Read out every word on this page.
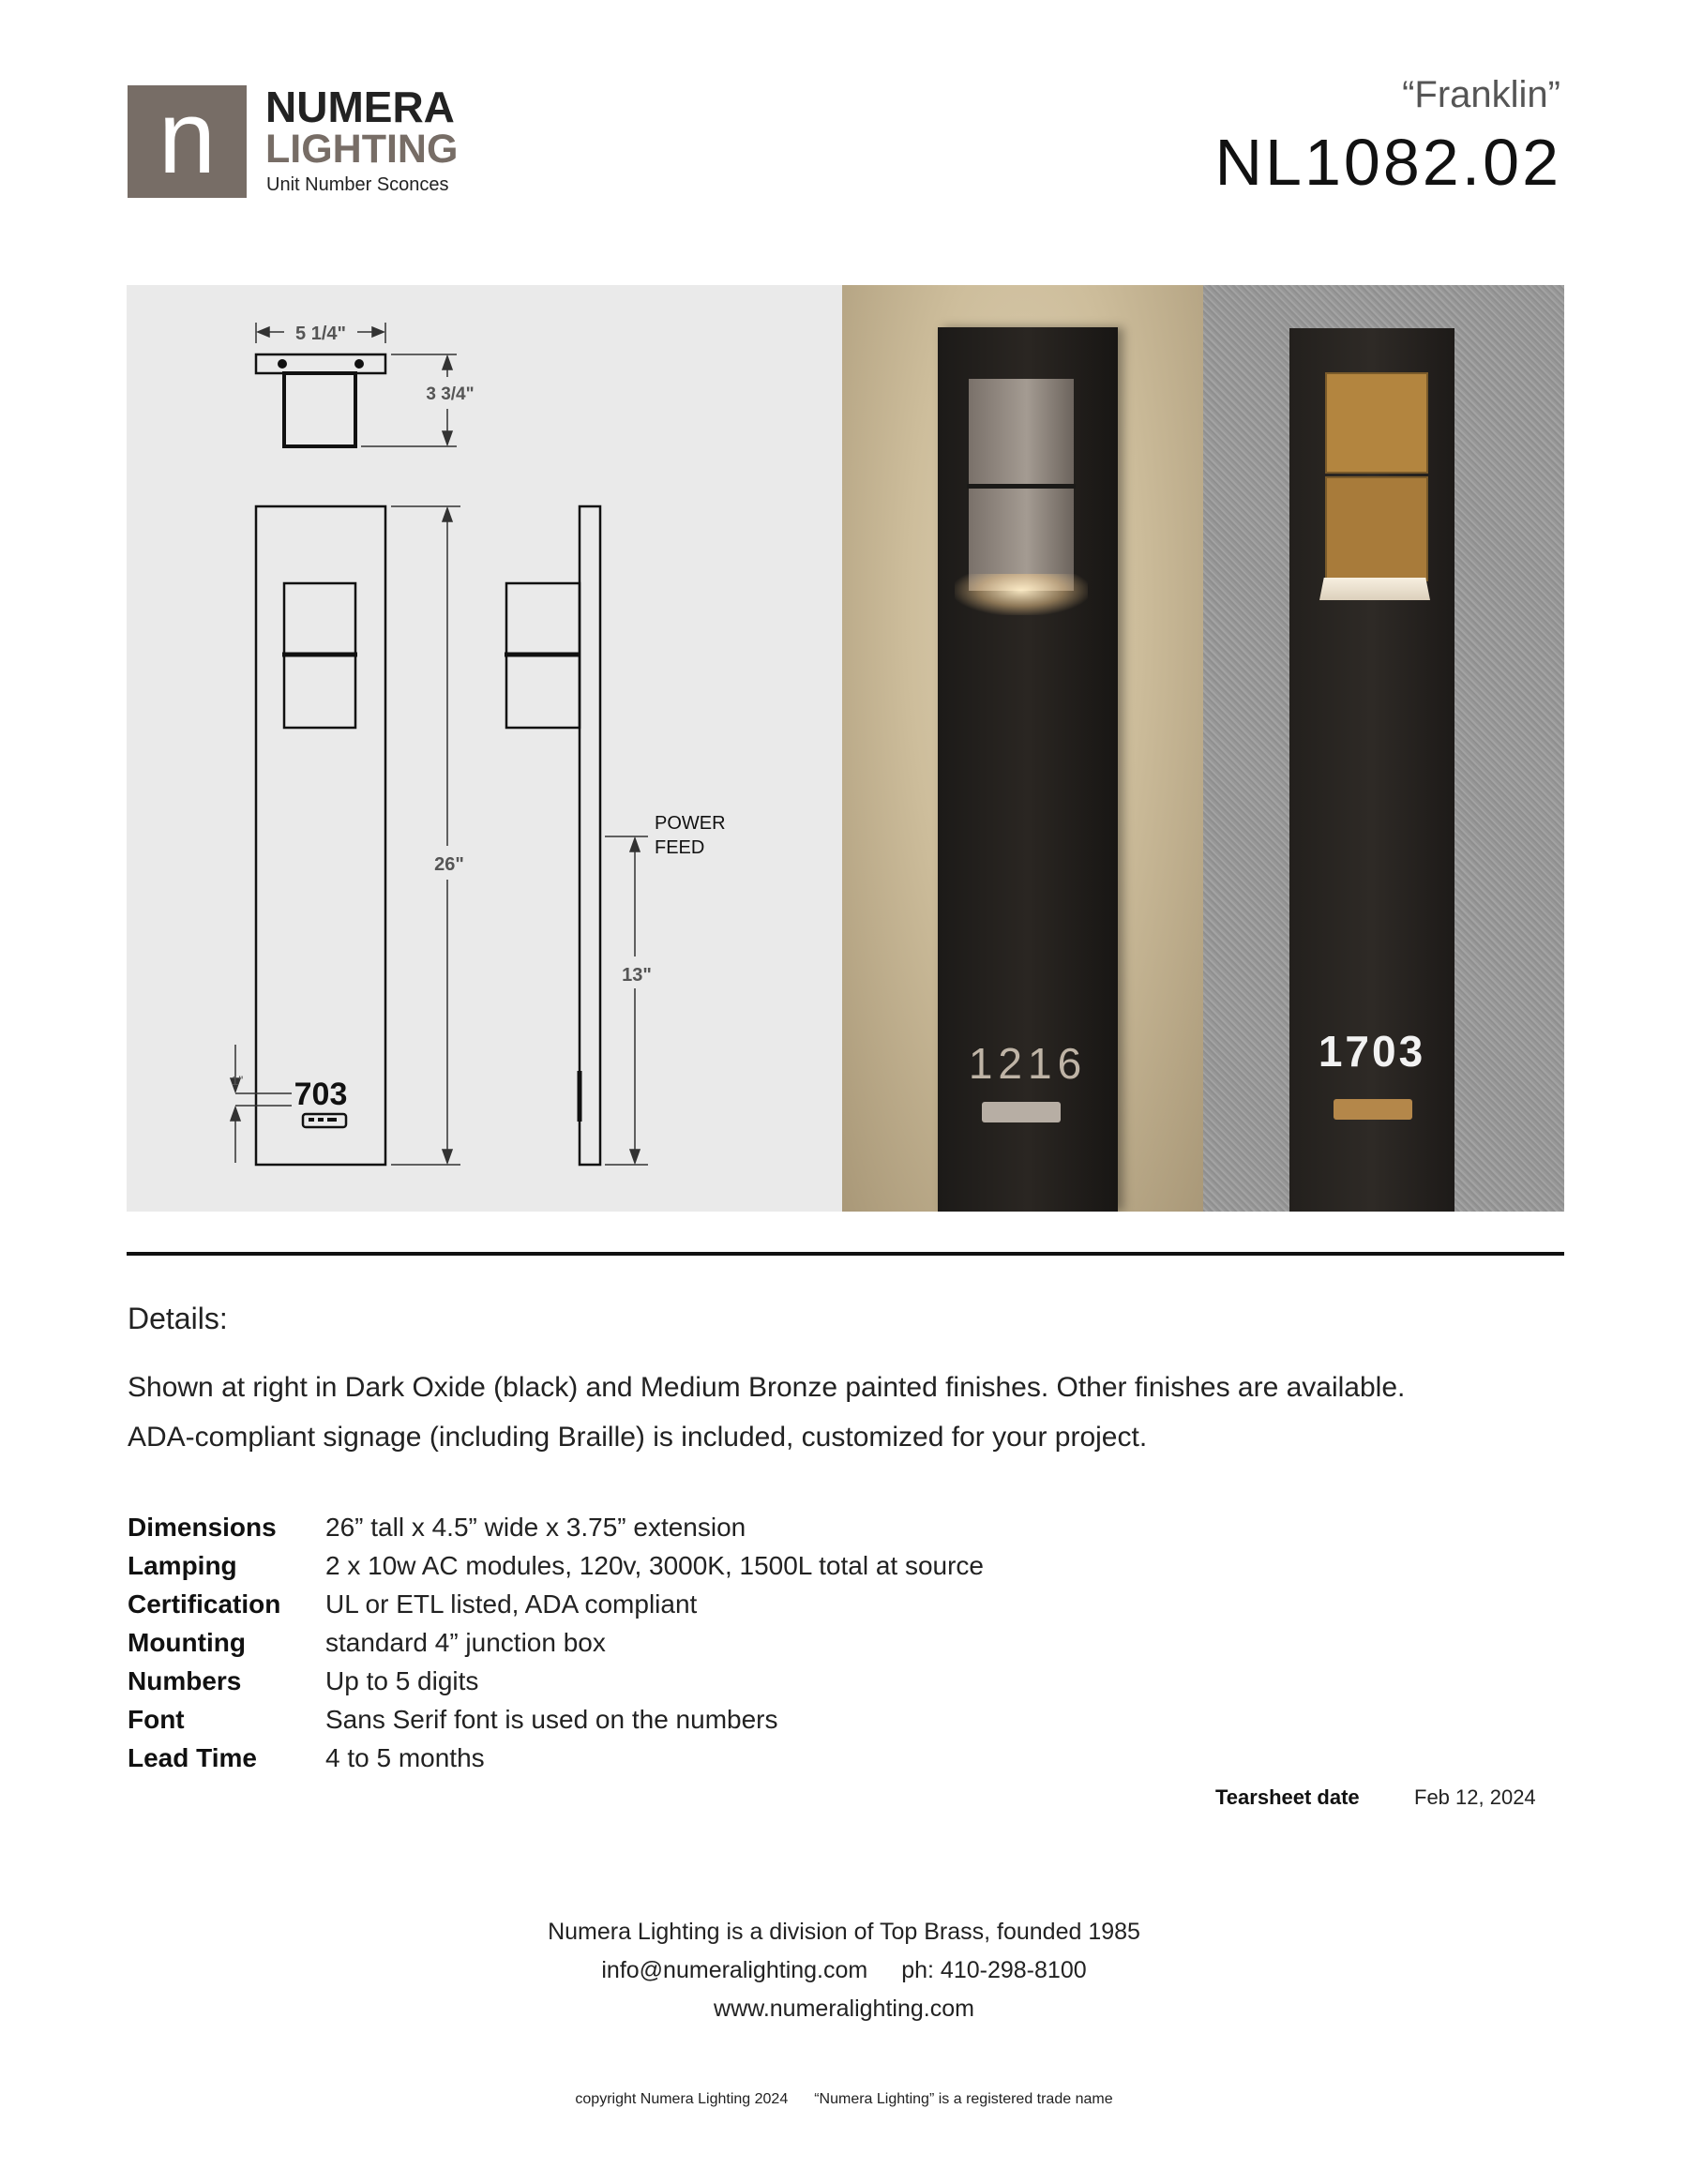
n	NUMERA
LIGHTING
Unit Number Sconces
“Franklin”
NL1082.02
5 1/4"
3 3/4"
26"
1"
13"
703
POWER
FEED
1216	1703
Details:
Shown at right in Dark Oxide (black) and Medium Bronze painted finishes. Other finishes are available.
ADA-compliant signage (including Braille) is included, customized for your project.
Dimensions 26” tall x 4.5” wide x 3.75” extension
Lamping	2 x 10w AC modules, 120v, 3000K, 1500L total at source
Certification UL or ETL listed, ADA compliant
Mounting	standard 4” junction box
Numbers	Up to 5 digits
Font	Sans Serif font is used on the numbers
Lead Time	4 to 5 months
Tearsheet date	Feb 12, 2024
Numera Lighting is a division of Top Brass, founded 1985
info@numeralighting.com ph: 410-298-8100
www.numeralighting.com
copyright Numera Lighting 2024 “Numera Lighting” is a registered trade name
